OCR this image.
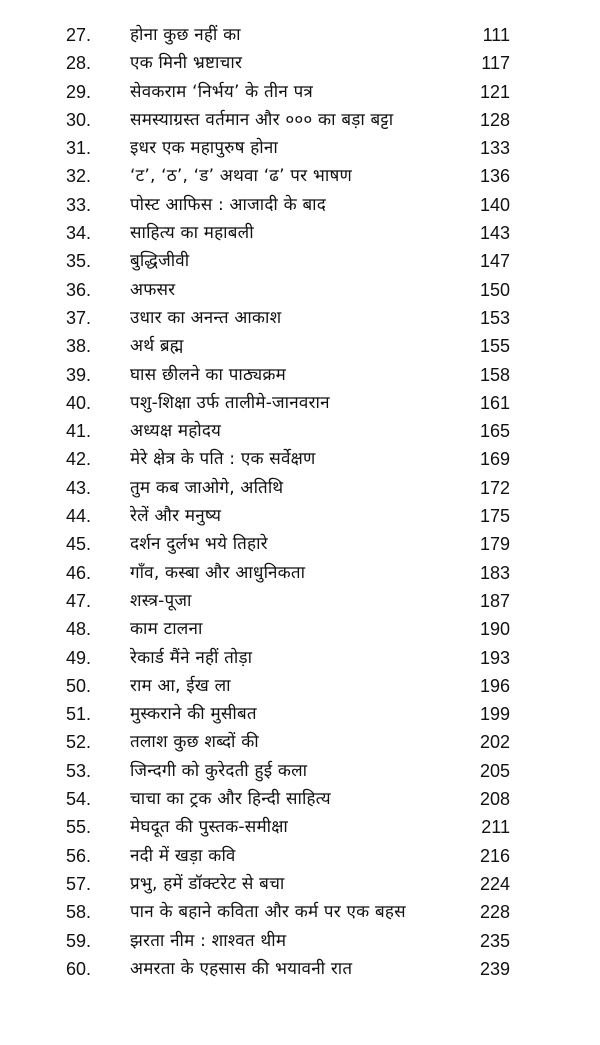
27.	होना कुछ नहीं का	111
28.	एक मिनी भ्रष्टाचार	117
29.	सेवकराम ‘निर्भय’ के तीन पत्र	121
30.	समस्याग्रस्त वर्तमान और ००० का बड़ा बट्टा	128
31.	इधर एक महापुरुष होना	133
32.	‘ट’, ‘ठ’, ‘ड’ अथवा ‘ढ’ पर भाषण	136
33.	पोस्ट आफिस : आजादी के बाद	140
34.	साहित्य का महाबली	143
35.	बुद्धिजीवी	147
36.	अफसर	150
37.	उधार का अनन्त आकाश	153
38.	अर्थ ब्रह्म	155
39.	घास छीलने का पाठ्यक्रम	158
40.	पशु-शिक्षा उर्फ तालीमे-जानवरान	161
41.	अध्यक्ष महोदय	165
42.	मेरे क्षेत्र के पति : एक सर्वेक्षण	169
43.	तुम कब जाओगे, अतिथि	172
44.	रेलें और मनुष्य	175
45.	दर्शन दुर्लभ भये तिहारे	179
46.	गाँव, कस्बा और आधुनिकता	183
47.	शस्त्र-पूजा	187
48.	काम टालना	190
49.	रेकार्ड मैंने नहीं तोड़ा	193
50.	राम आ, ईख ला	196
51.	मुस्कराने की मुसीबत	199
52.	तलाश कुछ शब्दों की	202
53.	जिन्दगी को कुरेदती हुई कला	205
54.	चाचा का ट्रक और हिन्दी साहित्य	208
55.	मेघदूत की पुस्तक-समीक्षा	211
56.	नदी में खड़ा कवि	216
57.	प्रभु, हमें डॉक्टरेट से बचा	224
58.	पान के बहाने कविता और कर्म पर एक बहस	228
59.	झरता नीम : शाश्वत थीम	235
60.	अमरता के एहसास की भयावनी रात	239
